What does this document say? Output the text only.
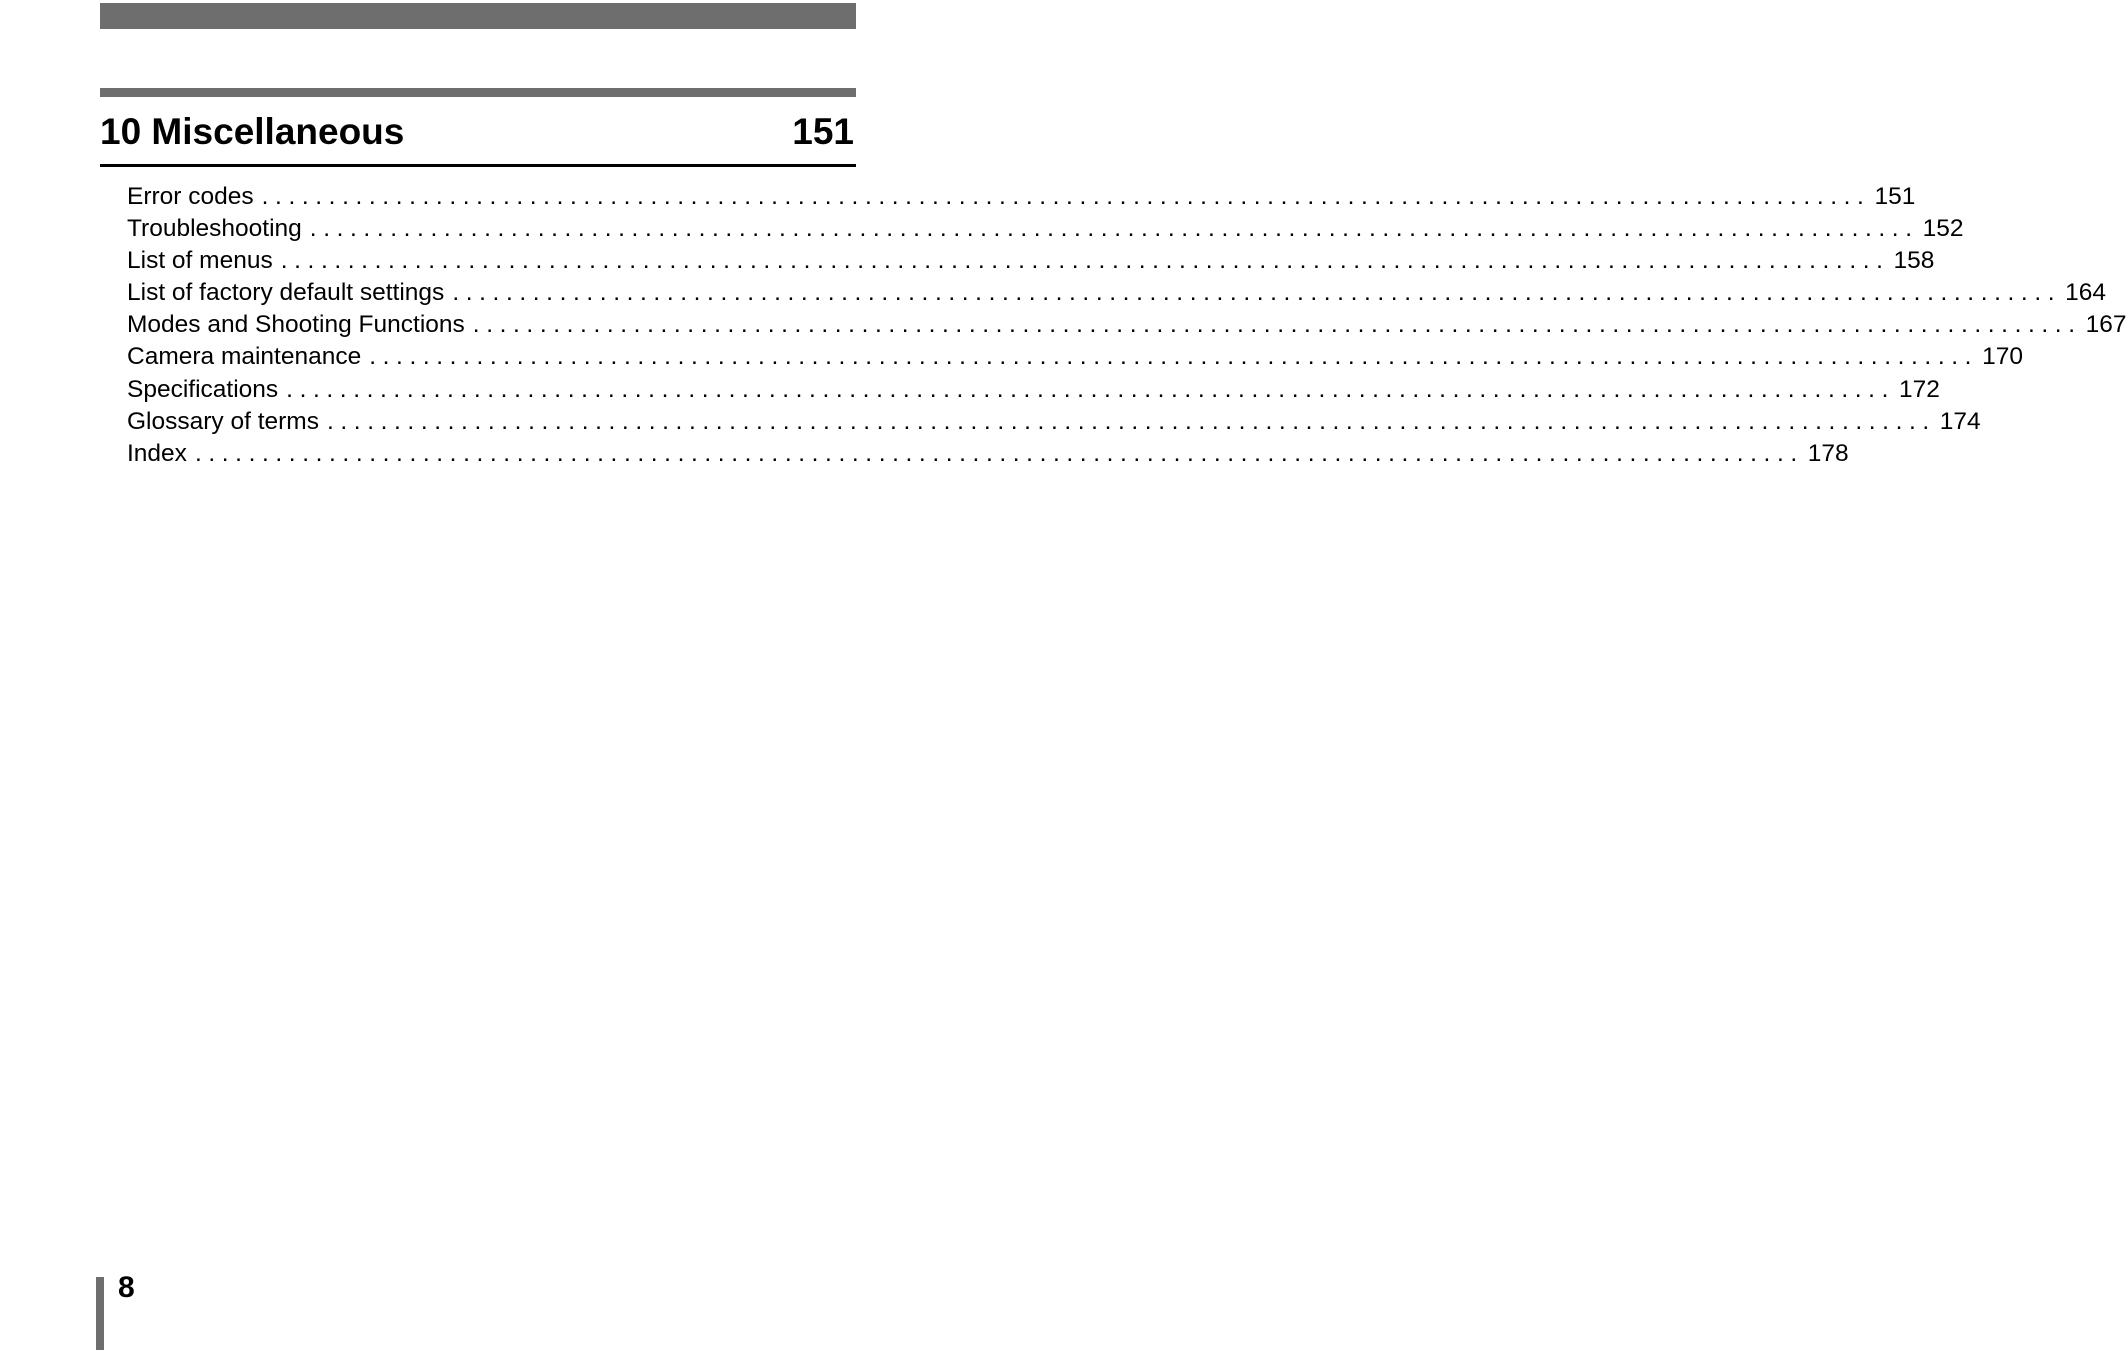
10 Miscellaneous	151
Error codes ........................................................................................................................ 151
Troubleshooting ........................................................................................................................ 152
List of menus ........................................................................................................................ 158
List of factory default settings ........................................................................................................................ 164
Modes and Shooting Functions ........................................................................................................................ 167
Camera maintenance ........................................................................................................................ 170
Specifications ........................................................................................................................ 172
Glossary of terms ........................................................................................................................ 174
Index ........................................................................................................................ 178
8
